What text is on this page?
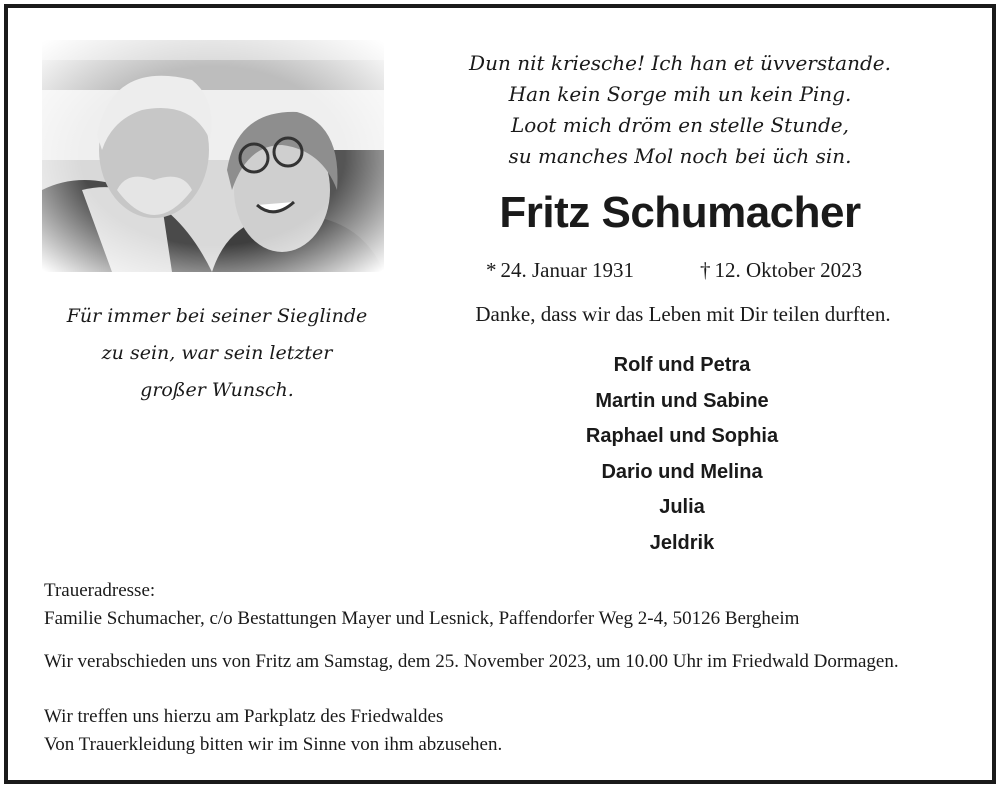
Dun nit kriesche! Ich han et üvverstande.
Han kein Sorge mih un kein Ping.
Loot mich dröm en stelle Stunde,
su manches Mol noch bei üch sin.
Fritz Schumacher
* 24. Januar 1931	† 12. Oktober 2023
Danke, dass wir das Leben mit Dir teilen durften.
Für immer bei seiner Sieglinde
zu sein, war sein letzter
großer Wunsch.
Rolf und Petra
Martin und Sabine
Raphael und Sophia
Dario und Melina
Julia
Jeldrik
Traueradresse:
Familie Schumacher, c/o Bestattungen Mayer und Lesnick, Paffendorfer Weg 2-4, 50126 Bergheim
Wir verabschieden uns von Fritz am Samstag, dem 25. November 2023, um 10.00 Uhr im Friedwald Dormagen.
Wir treffen uns hierzu am Parkplatz des Friedwaldes
Von Trauerkleidung bitten wir im Sinne von ihm abzusehen.
